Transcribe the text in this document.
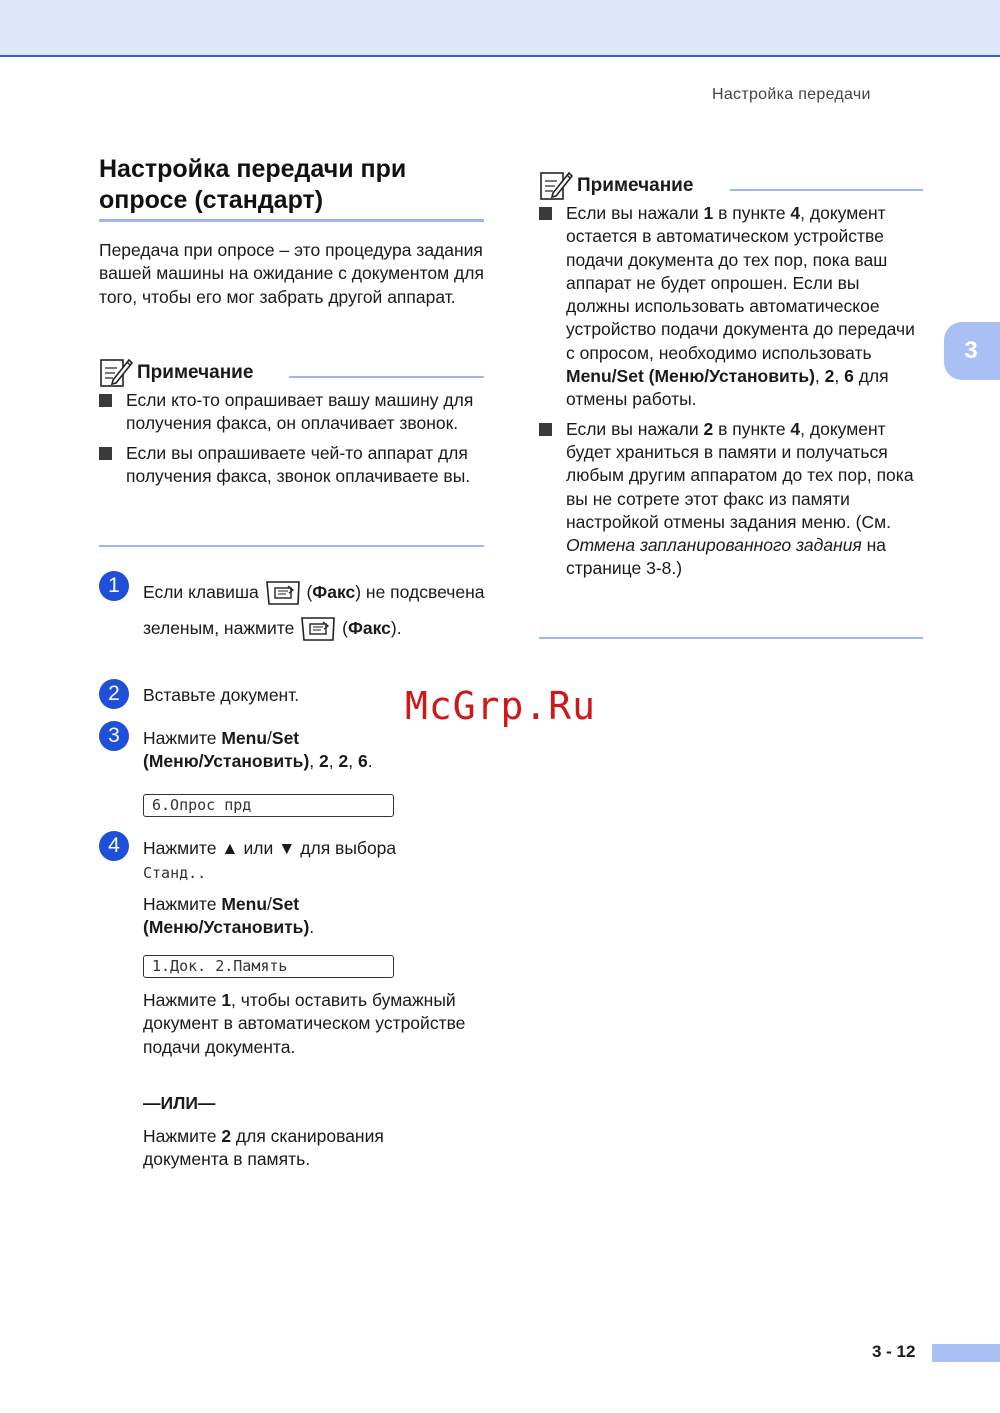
Настройка передачи
3
Настройка передачи при опросе (стандарт)
Передача при опросе – это процедура задания вашей машины на ожидание с документом для того, чтобы его мог забрать другой аппарат.
Примечание
Если кто-то опрашивает вашу машину для получения факса, он оплачивает звонок.
Если вы опрашиваете чей-то аппарат для получения факса, звонок оплачиваете вы.
1	Если клавиша	(Факс) не подсвечена зеленым, нажмите	(Факс).
2	Вставьте документ.
3	Нажмите Menu/Set
(Меню/Установить), 2, 2, 6.
6.Опрос прд
4	Нажмите ▲ или ▼ для выбора
Станд..
Нажмите Menu/Set
(Меню/Установить).
1.Док. 2.Память
Нажмите 1, чтобы оставить бумажный документ в автоматическом устройстве подачи документа.
—ИЛИ—
Нажмите 2 для сканирования документа в память.
Примечание
Если вы нажали 1 в пункте 4, документ остается в автоматическом устройстве подачи документа до тех пор, пока ваш аппарат не будет опрошен. Если вы должны использовать автоматическое устройство подачи документа до передачи с опросом, необходимо использовать Menu/Set (Меню/Установить), 2, 6 для отмены работы.
Если вы нажали 2 в пункте 4, документ будет храниться в памяти и получаться любым другим аппаратом до тех пор, пока вы не сотрете этот факс из памяти настройкой отмены задания меню. (См. Отмена запланированного задания на странице 3-8.)
McGrp.Ru
3 - 12
